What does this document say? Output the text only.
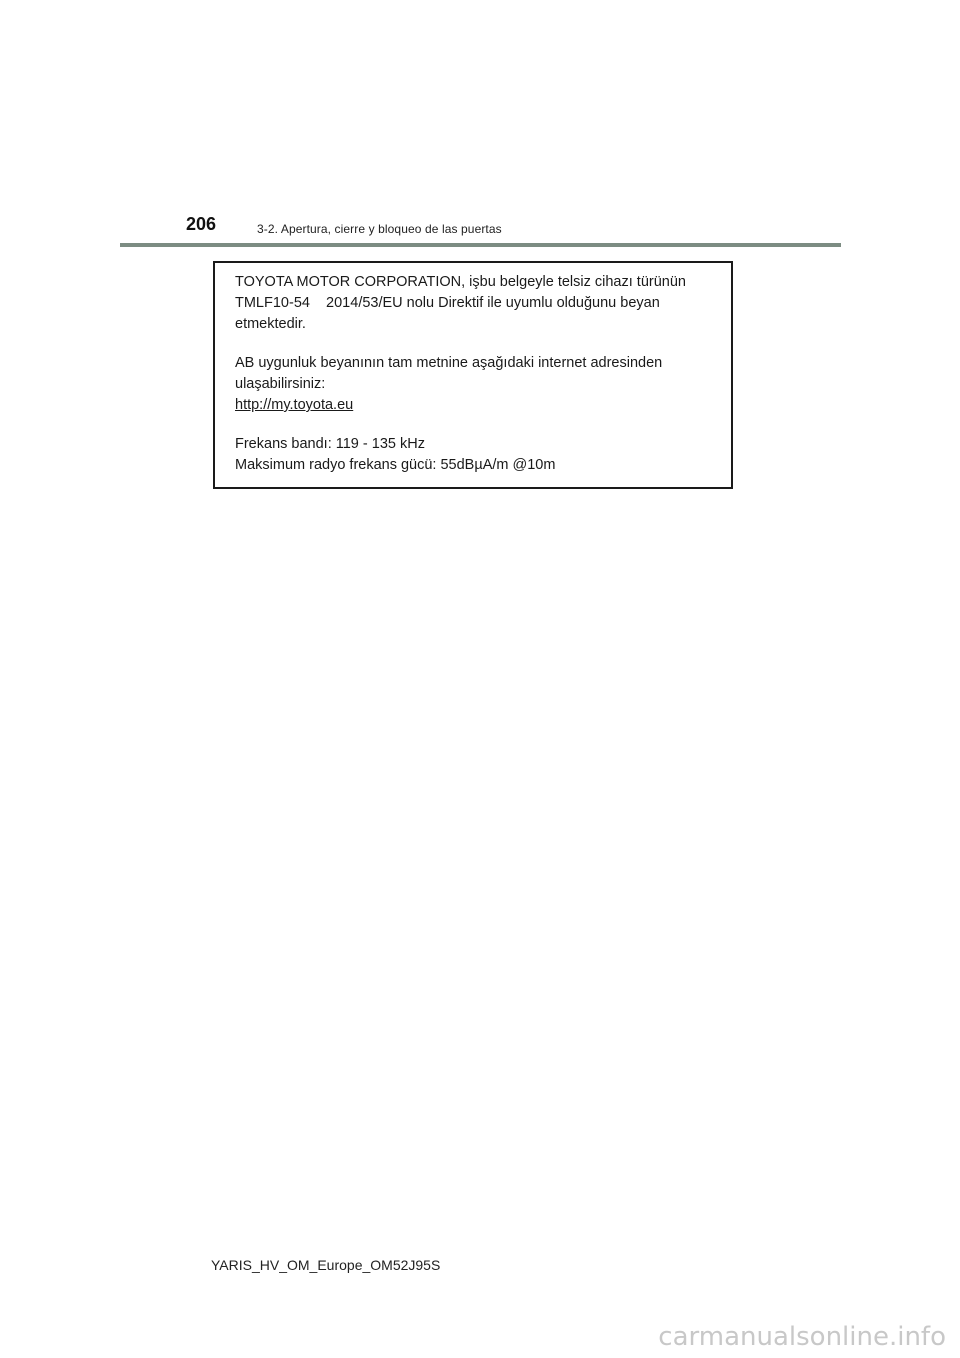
206	3-2. Apertura, cierre y bloqueo de las puertas

TOYOTA MOTOR CORPORATION, işbu belgeyle telsiz cihazı türünün
TMLF10-54    2014/53/EU nolu Direktif ile uyumlu olduğunu beyan
etmektedir.

AB uygunluk beyanının tam metnine aşağıdaki internet adresinden
ulaşabilirsiniz:
http://my.toyota.eu

Frekans bandı: 119 - 135 kHz
Maksimum radyo frekans gücü: 55dBµA/m @10m

YARIS_HV_OM_Europe_OM52J95S
carmanualsonline.info
